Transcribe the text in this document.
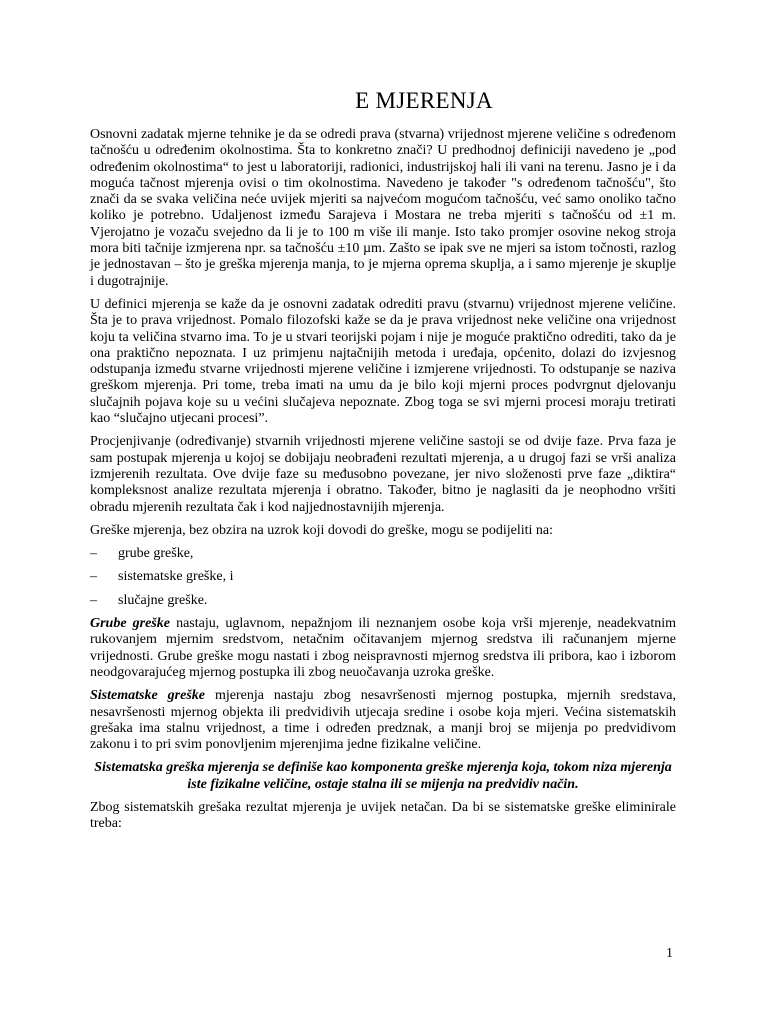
E MJERENJA

Osnovni zadatak mjerne tehnike je da se odredi prava (stvarna) vrijednost mjerene veličine s određenom tačnošću u određenim okolnostima. Šta to konkretno znači? U predhodnoj definiciji navedeno je „pod određenim okolnostima“ to jest u laboratoriji, radionici, industrijskoj hali ili vani na terenu. Jasno je i da moguća tačnost mjerenja ovisi o tim okolnostima. Navedeno je također "s određenom tačnošću", što znači da se svaka veličina neće uvijek mjeriti sa najvećom mogućom tačnošću, već samo onoliko tačno koliko je potrebno. Udaljenost između Sarajeva i Mostara ne treba mjeriti s tačnošću od ±1 m. Vjerojatno je vozaču svejedno da li je to 100 m više ili manje. Isto tako promjer osovine nekog stroja mora biti tačnije izmjerena npr. sa tačnošću ±10 µm. Zašto se ipak sve ne mjeri sa istom točnosti, razlog je jednostavan – što je greška mjerenja manja, to je mjerna oprema skuplja, a i samo mjerenje je skuplje i dugotrajnije.

U definici mjerenja se kaže da je osnovni zadatak odrediti pravu (stvarnu) vrijednost mjerene veličine. Šta je to prava vrijednost. Pomalo filozofski kaže se da je prava vrijednost neke veličine ona vrijednost koju ta veličina stvarno ima. To je u stvari teorijski pojam i nije je moguće praktično odrediti, tako da je ona praktično nepoznata. I uz primjenu najtačnijih metoda i uređaja, općenito, dolazi do izvjesnog odstupanja između stvarne vrijednosti mjerene veličine i izmjerene vrijednosti. To odstupanje se naziva greškom mjerenja. Pri tome, treba imati na umu da je bilo koji mjerni proces podvrgnut djelovanju slučajnih pojava koje su u većini slučajeva nepoznate. Zbog toga se svi mjerni procesi moraju tretirati kao “slučajno utjecani procesi”.

Procjenjivanje (određivanje) stvarnih vrijednosti mjerene veličine sastoji se od dvije faze. Prva faza je sam postupak mjerenja u kojoj se dobijaju neobrađeni rezultati mjerenja, a u drugoj fazi se vrši analiza izmjerenih rezultata. Ove dvije faze su međusobno povezane, jer nivo složenosti prve faze „diktira“ kompleksnost analize rezultata mjerenja i obratno. Također, bitno je naglasiti da je neophodno vršiti obradu mjerenih rezultata čak i kod najjednostavnijih mjerenja.

Greške mjerenja, bez obzira na uzrok koji dovodi do greške, mogu se podijeliti na:

– grube greške,
– sistematske greške, i
– slučajne greške.

Grube greške nastaju, uglavnom, nepažnjom ili neznanjem osobe koja vrši mjerenje, neadekvatnim rukovanjem mjernim sredstvom, netačnim očitavanjem mjernog sredstva ili računanjem mjerne vrijednosti. Grube greške mogu nastati i zbog neispravnosti mjernog sredstva ili pribora, kao i izborom neodgovarajućeg mjernog postupka ili zbog neuočavanja uzroka greške.

Sistematske greške mjerenja nastaju zbog nesavršenosti mjernog postupka, mjernih sredstava, nesavršenosti mjernog objekta ili predvidivih utjecaja sredine i osobe koja mjeri. Većina sistematskih grešaka ima stalnu vrijednost, a time i određen predznak, a manji broj se mijenja po predvidivom zakonu i to pri svim ponovljenim mjerenjima jedne fizikalne veličine.

Sistematska greška mjerenja se definiše kao komponenta greške mjerenja koja, tokom niza mjerenja iste fizikalne veličine, ostaje stalna ili se mijenja na predvidiv način.

Zbog sistematskih grešaka rezultat mjerenja je uvijek netačan. Da bi se sistematske greške eliminirale treba:

1
